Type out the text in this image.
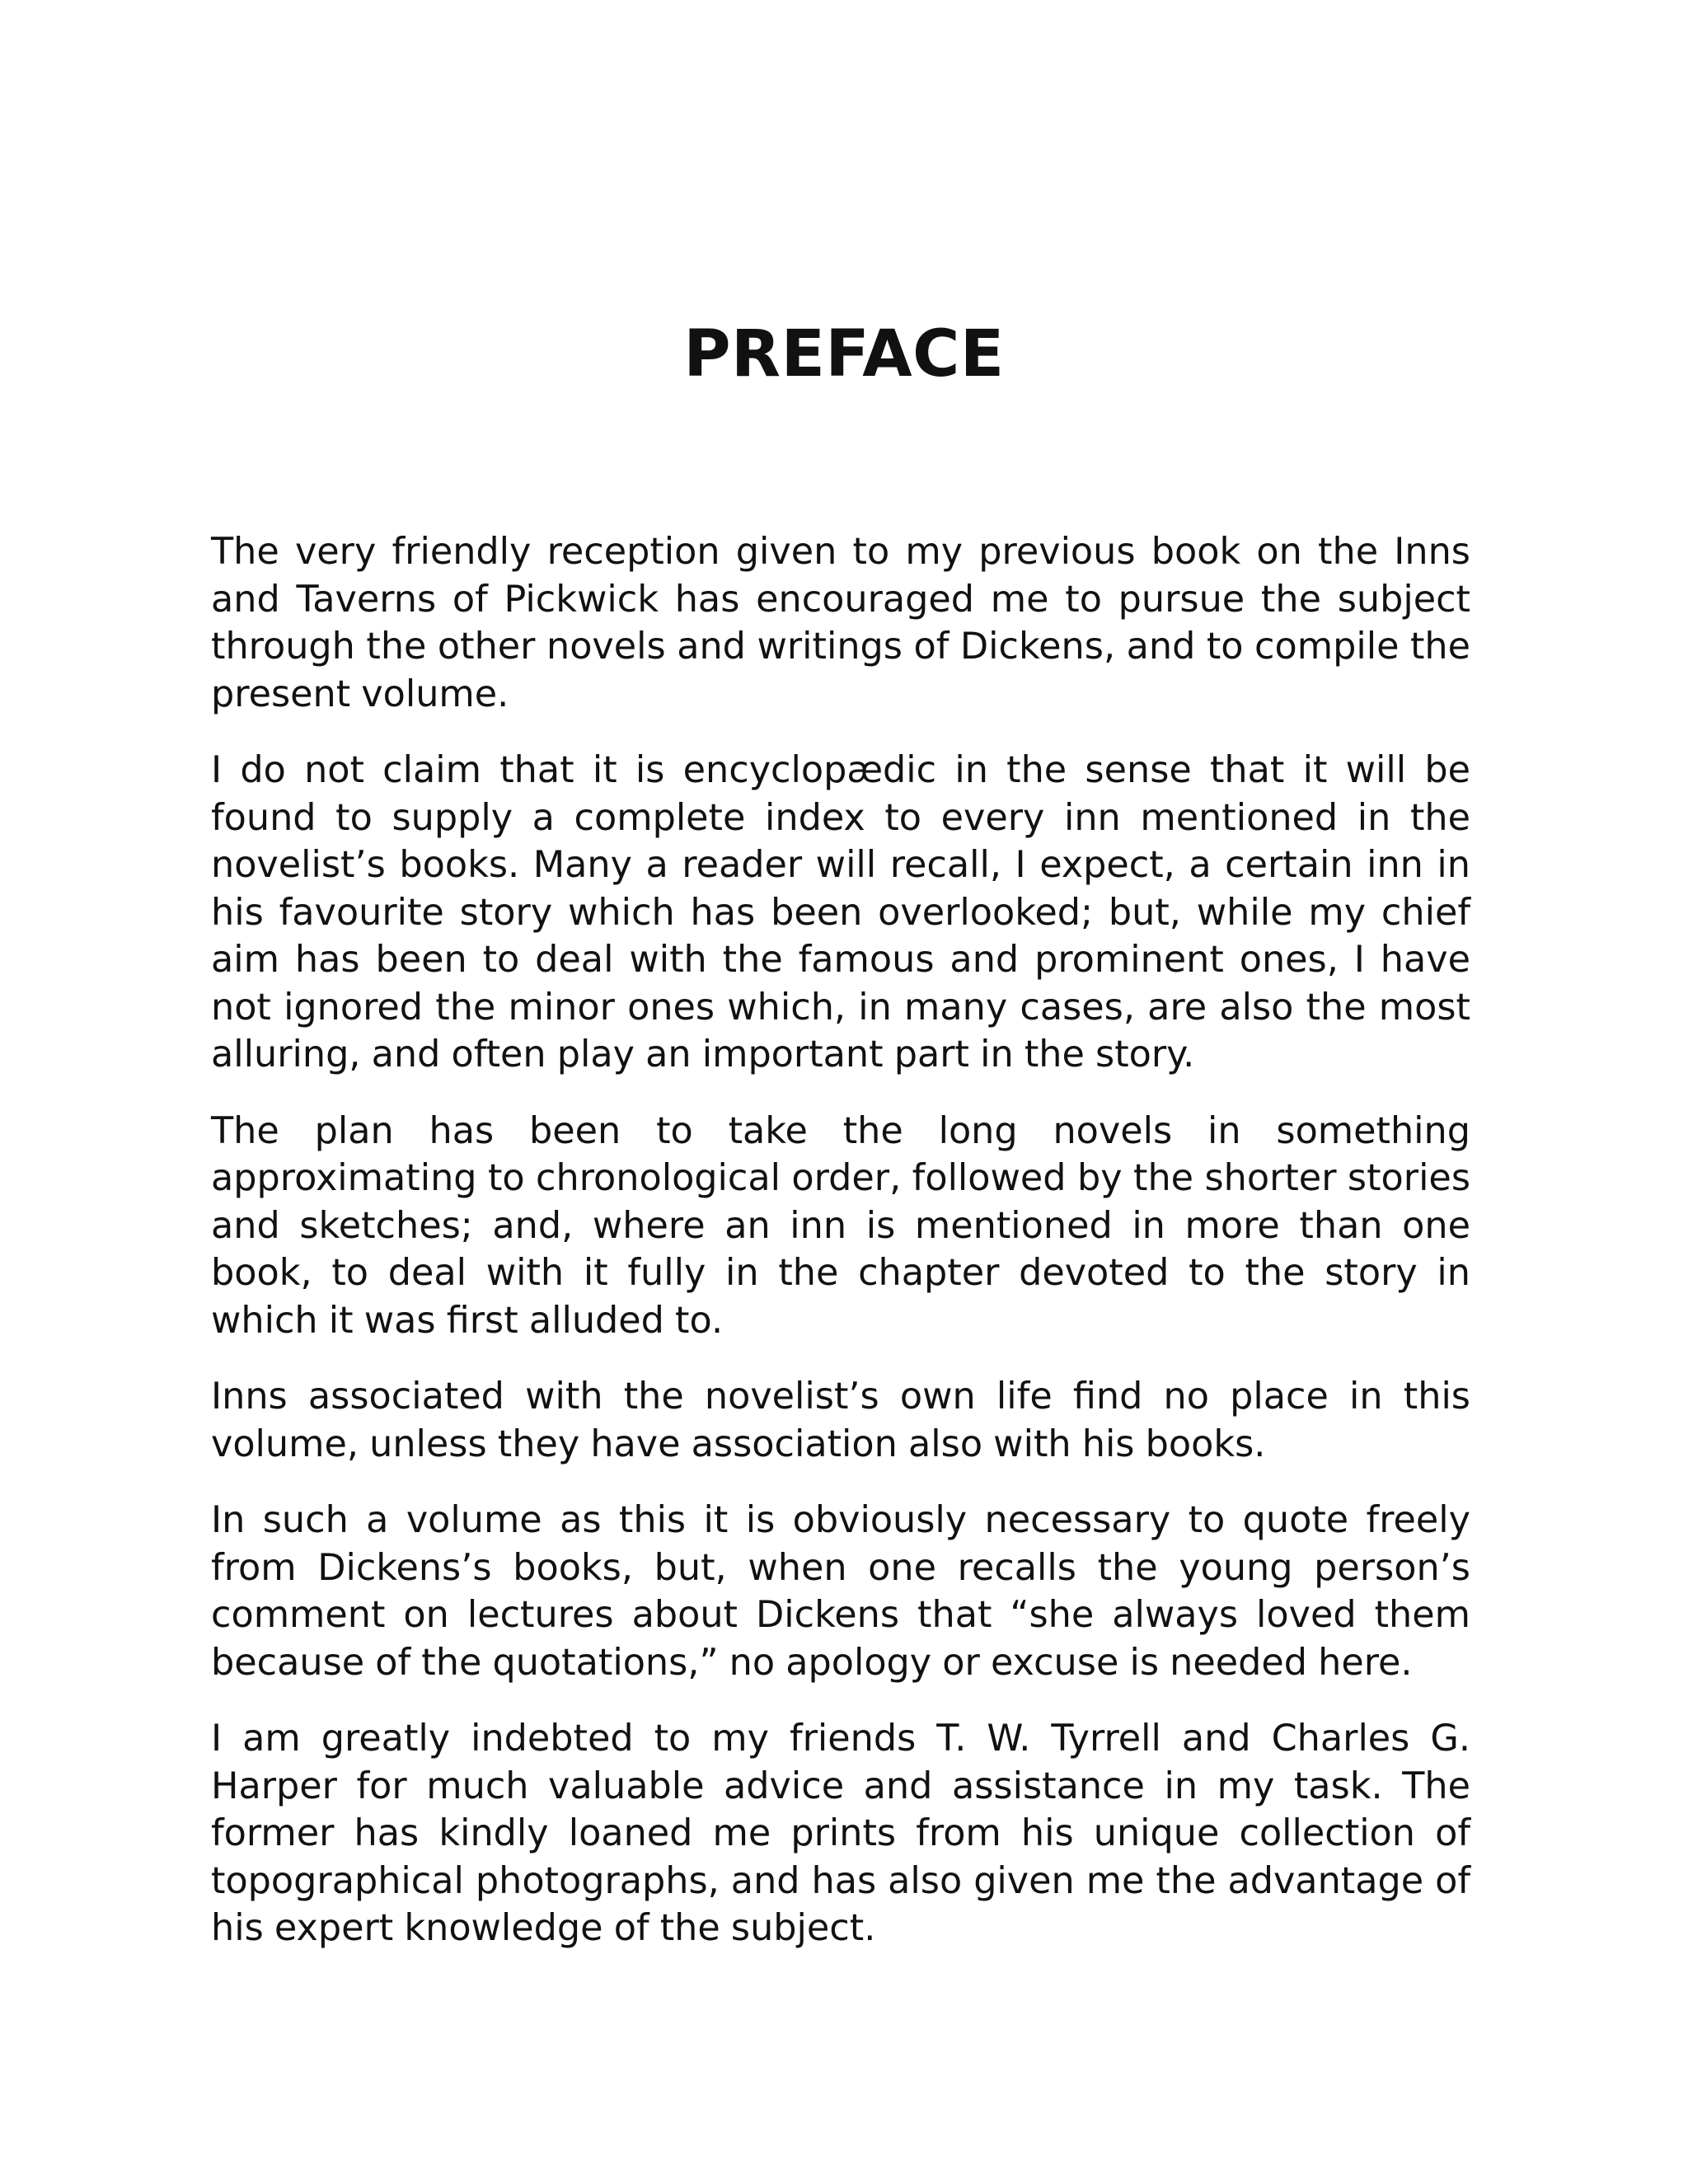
PREFACE

The very friendly reception given to my previous book on the Inns and Taverns of Pickwick has encouraged me to pursue the subject through the other novels and writings of Dickens, and to compile the present volume.

I do not claim that it is encyclopædic in the sense that it will be found to supply a complete index to every inn mentioned in the novelist’s books. Many a reader will recall, I expect, a certain inn in his favourite story which has been overlooked; but, while my chief aim has been to deal with the famous and prominent ones, I have not ignored the minor ones which, in many cases, are also the most alluring, and often play an important part in the story.

The plan has been to take the long novels in something approximating to chronological order, followed by the shorter stories and sketches; and, where an inn is mentioned in more than one book, to deal with it fully in the chapter devoted to the story in which it was first alluded to.

Inns associated with the novelist’s own life find no place in this volume, unless they have association also with his books.

In such a volume as this it is obviously necessary to quote freely from Dickens’s books, but, when one recalls the young person’s comment on lectures about Dickens that “she always loved them because of the quotations,” no apology or excuse is needed here.

I am greatly indebted to my friends T. W. Tyrrell and Charles G. Harper for much valuable advice and assistance in my task. The former has kindly loaned me prints from his unique collection of topographical photographs, and has also given me the advantage of his expert knowledge of the subject.
